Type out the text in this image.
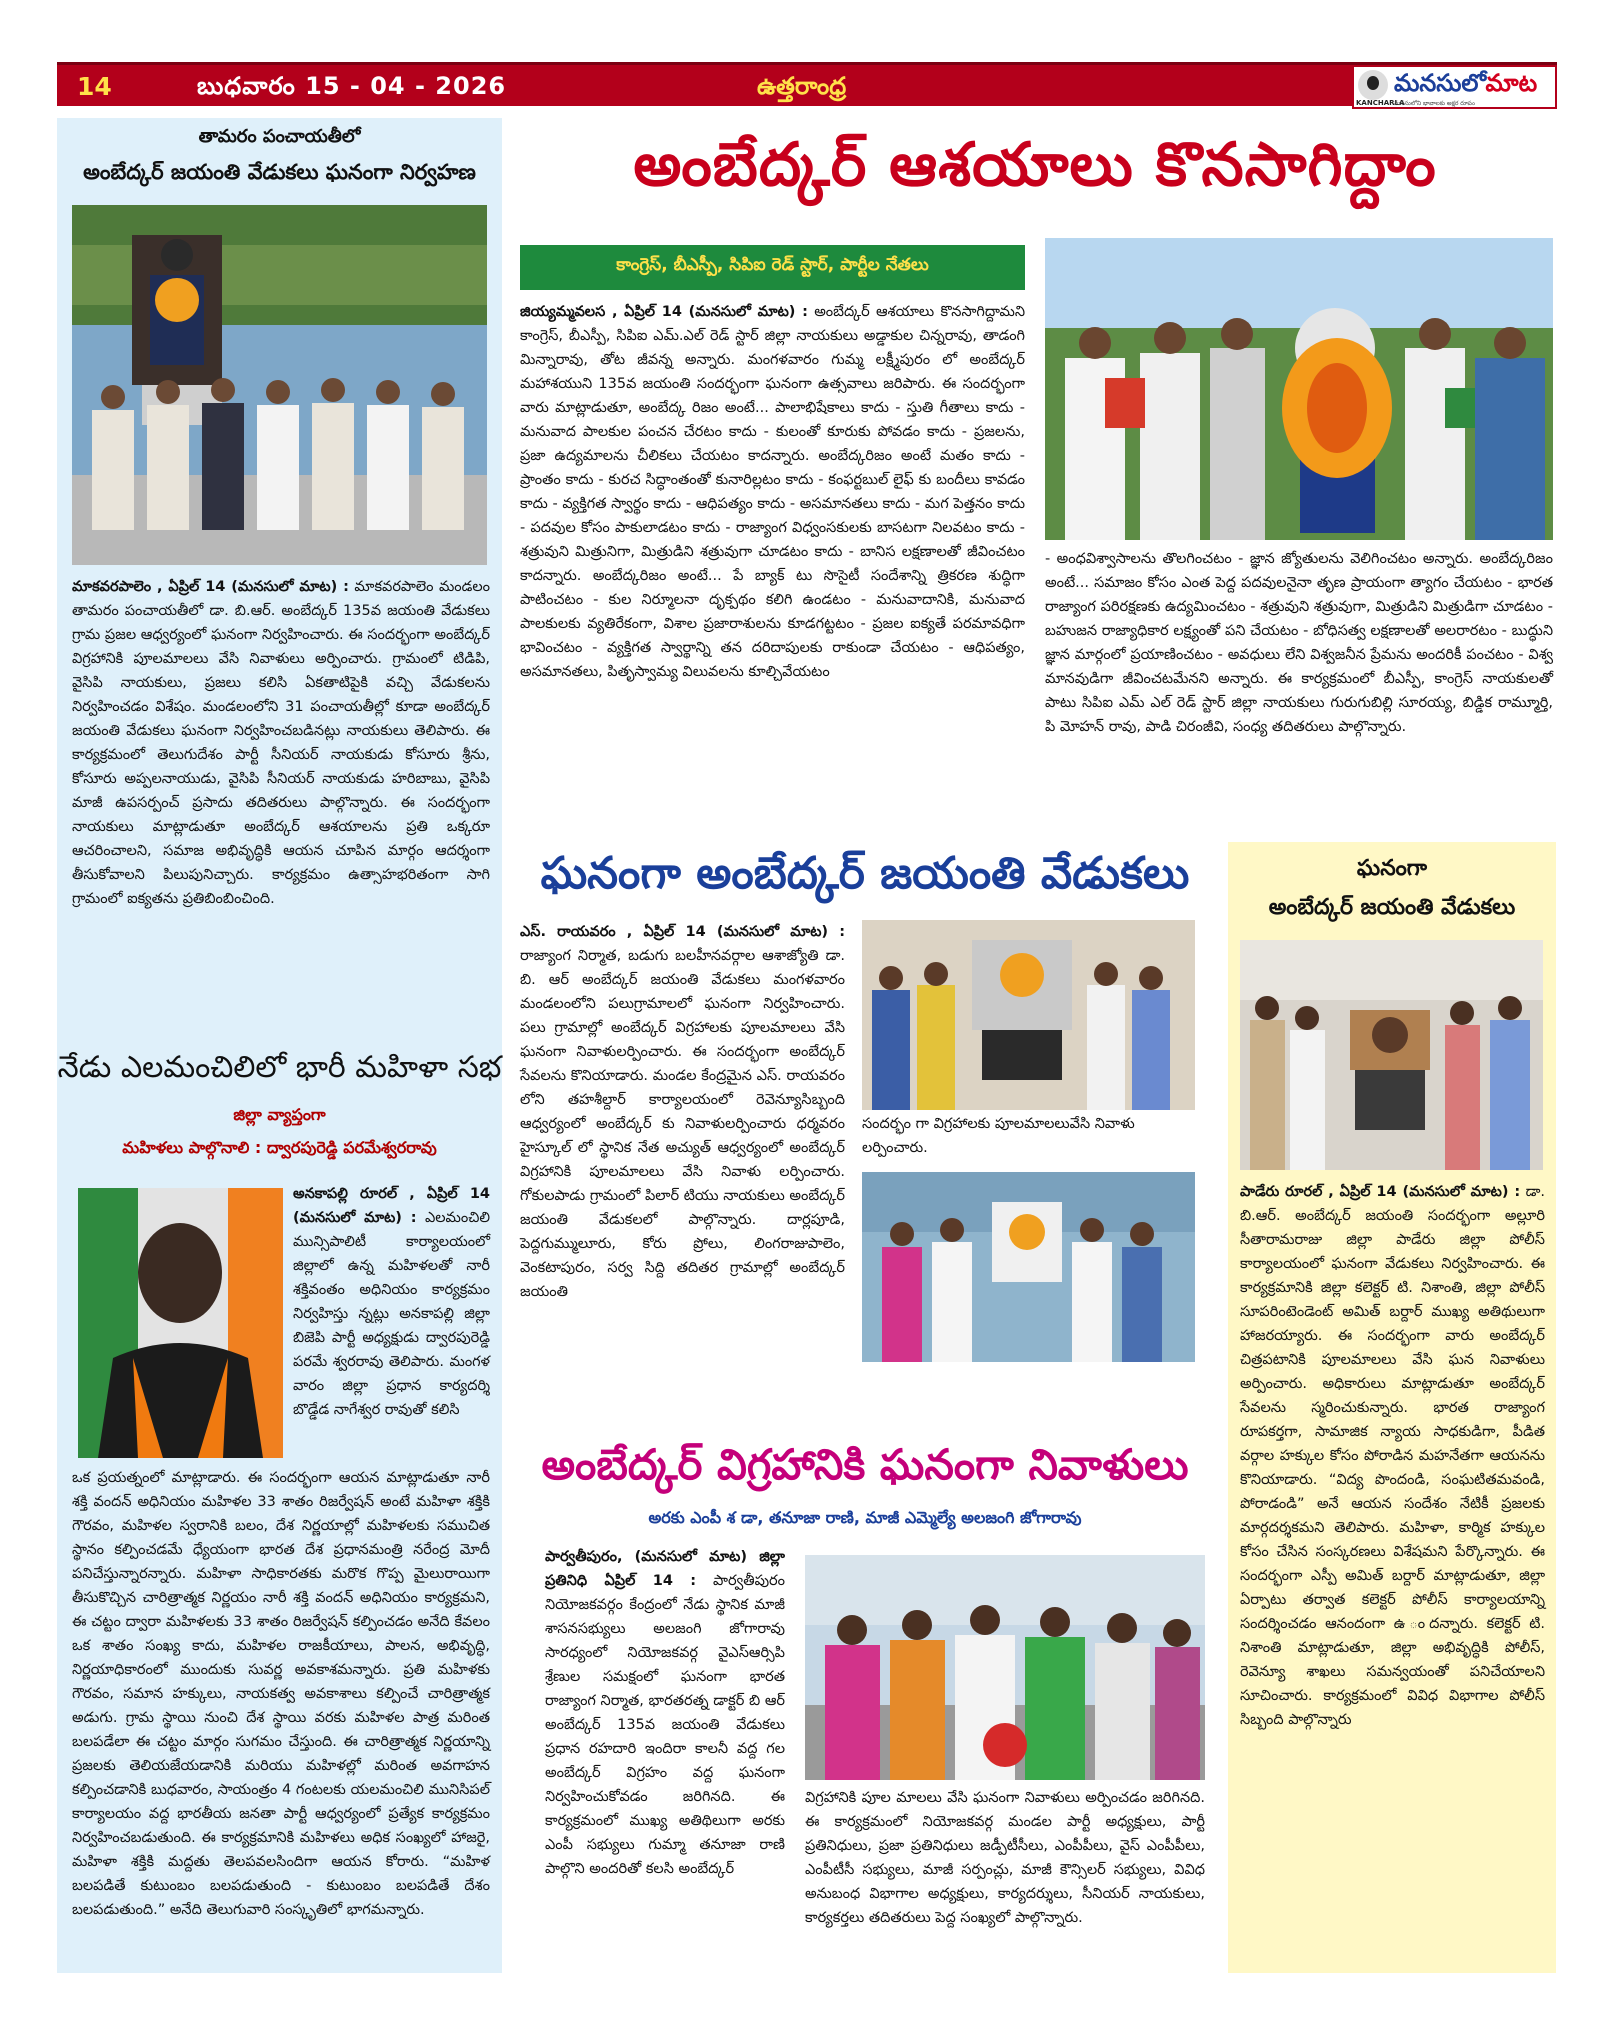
14	బుధవారం 15 - 04 - 2026	ఉత్తరాంధ్ర
KANCHARLA
మనసులోమాట
మనసులోని భావాలకు అక్షర రూపం
తామరం పంచాయతీలో
అంబేద్కర్ జయంతి వేడుకలు ఘనంగా నిర్వహణ
మాకవరపాలెం , ఏప్రిల్ 14 (మనసులో మాట) : మాకవరపాలెం మండలం తామరం పంచాయతీలో డా. బి.ఆర్. అంబేద్కర్ 135వ జయంతి వేడుకలు గ్రామ ప్రజల ఆధ్వర్యంలో ఘనంగా నిర్వహించారు. ఈ సందర్భంగా అంబేద్కర్ విగ్రహానికి పూలమాలలు వేసి నివాళులు అర్పించారు. గ్రామంలో టిడిపి, వైసిపి నాయకులు, ప్రజలు కలిసి ఏకతాటిపైకి వచ్చి వేడుకలను నిర్వహించడం విశేషం. మండలంలోని 31 పంచాయతీల్లో కూడా అంబేద్కర్ జయంతి వేడుకలు ఘనంగా నిర్వహించబడినట్లు నాయకులు తెలిపారు. ఈ కార్యక్రమంలో తెలుగుదేశం పార్టీ సీనియర్ నాయకుడు కోసూరు శ్రీను, కోసూరు అప్పలనాయుడు, వైసిపి సీనియర్ నాయకుడు హరిబాబు, వైసిపి మాజీ ఉపసర్పంచ్ ప్రసాదు తదితరులు పాల్గొన్నారు. ఈ సందర్భంగా నాయకులు మాట్లాడుతూ అంబేద్కర్ ఆశయాలను ప్రతి ఒక్కరూ ఆచరించాలని, సమాజ అభివృద్ధికి ఆయన చూపిన మార్గం ఆదర్శంగా తీసుకోవాలని పిలుపునిచ్చారు. కార్యక్రమం ఉత్సాహభరితంగా సాగి గ్రామంలో ఐక్యతను ప్రతిబింబించింది.
నేడు ఎలమంచిలిలో భారీ మహిళా సభ
జిల్లా వ్యాప్తంగా
మహిళలు పాల్గొనాలి : ద్వారపురెడ్డి పరమేశ్వరరావు
అనకాపల్లి రూరల్ , ఏప్రిల్ 14 (మనసులో మాట) : ఎలమంచిలి మున్సిపాలిటీ కార్యాలయంలో జిల్లాలో ఉన్న మహిళలతో నారీ శక్తివంతం అధినియం కార్యక్రమం నిర్వహిస్తు న్నట్లు అనకాపల్లి జిల్లా బిజెపి పార్టీ అధ్యక్షుడు ద్వారపురెడ్డి పరమే శ్వరరావు తెలిపారు. మంగళ వారం జిల్లా ప్రధాన కార్యదర్శి బొడ్డేడ నాగేశ్వర రావుతో కలిసి
ఒక ప్రయత్నంలో మాట్లాడారు. ఈ సందర్భంగా ఆయన మాట్లాడుతూ నారీ శక్తి వందన్ అధినియం మహిళల 33 శాతం రిజర్వేషన్ అంటే మహిళా శక్తికి గౌరవం, మహిళల స్వరానికి బలం, దేశ నిర్ణయాల్లో మహిళలకు సముచిత స్థానం కల్పించడమే ధ్యేయంగా భారత దేశ ప్రధానమంత్రి నరేంద్ర మోదీ పనిచేస్తున్నారన్నారు. మహిళా సాధికారతకు మరొక గొప్ప మైలురాయిగా తీసుకొచ్చిన చారిత్రాత్మక నిర్ణయం నారీ శక్తి వందన్ అధినియం కార్యక్రమని, ఈ చట్టం ద్వారా మహిళలకు 33 శాతం రిజర్వేషన్ కల్పించడం అనేది కేవలం ఒక శాతం సంఖ్య కాదు, మహిళల రాజకీయాలు, పాలన, అభివృద్ధి, నిర్ణయాధికారంలో ముందుకు సువర్ణ అవకాశమన్నారు. ప్రతి మహిళకు గౌరవం, సమాన హక్కులు, నాయకత్వ అవకాశాలు కల్పించే చారిత్రాత్మక అడుగు. గ్రామ స్థాయి నుంచి దేశ స్థాయి వరకు మహిళల పాత్ర మరింత బలపడేలా ఈ చట్టం మార్గం సుగమం చేస్తుంది. ఈ చారిత్రాత్మక నిర్ణయాన్ని ప్రజలకు తెలియజేయడానికి మరియు మహిళల్లో మరింత అవగాహన కల్పించడానికి బుధవారం, సాయంత్రం 4 గంటలకు యలమంచిలి మునిసిపల్ కార్యాలయం వద్ద భారతీయ జనతా పార్టీ ఆధ్వర్యంలో ప్రత్యేక కార్యక్రమం నిర్వహించబడుతుంది. ఈ కార్యక్రమానికి మహిళలు అధిక సంఖ్యలో హాజరై, మహిళా శక్తికి మద్దతు తెలపవలసిందిగా ఆయన కోరారు. “మహిళ బలపడితే కుటుంబం బలపడుతుంది - కుటుంబం బలపడితే దేశం బలపడుతుంది.” అనేది తెలుగువారి సంస్కృతిలో భాగమన్నారు.
అంబేద్కర్ ఆశయాలు కొనసాగిద్దాం
కాంగ్రెస్, బీఎస్పీ, సిపిఐ రెడ్ స్టార్, పార్టీల నేతలు
జియ్యమ్మవలస , ఏప్రిల్ 14 (మనసులో మాట) : అంబేద్కర్ ఆశయాలు కొనసాగిద్దామని కాంగ్రెస్, బీఎస్పీ, సిపిఐ ఎమ్.ఎల్ రెడ్ స్టార్ జిల్లా నాయకులు అడ్డాకుల చిన్నరావు, తాడంగి మిన్నారావు, తోట జీవన్న అన్నారు. మంగళవారం గుమ్మ లక్ష్మీపురం లో అంబేద్కర్ మహాశయుని 135వ జయంతి సందర్భంగా ఘనంగా ఉత్సవాలు జరిపారు. ఈ సందర్భంగా వారు మాట్లాడుతూ, అంబేద్క రిజం అంటే... పాలాభిషేకాలు కాదు - స్తుతి గీతాలు కాదు - మనువాద పాలకుల పంచన చేరటం కాదు - కులంతో కూరుకు పోవడం కాదు - ప్రజలను, ప్రజా ఉద్యమాలను చీలికలు చేయటం కాదన్నారు. అంబేద్కరిజం అంటే మతం కాదు - ప్రాంతం కాదు - కురచ సిద్ధాంతంతో కునారిల్లటం కాదు - కంఫర్టబుల్ లైఫ్ కు బందీలు కావడం కాదు - వ్యక్తిగత స్వార్థం కాదు - ఆధిపత్యం కాదు - అసమానతలు కాదు - మగ పెత్తనం కాదు - పదవుల కోసం పాకులాడటం కాదు - రాజ్యాంగ విధ్వంసకులకు బాసటగా నిలవటం కాదు - శత్రువుని మిత్రునిగా, మిత్రుడిని శత్రువుగా చూడటం కాదు - బానిస లక్షణాలతో జీవించటం కాదన్నారు. అంబేద్కరిజం అంటే... పే బ్యాక్ టు సొసైటీ సందేశాన్ని త్రికరణ శుద్ధిగా పాటించటం - కుల నిర్మూలనా దృక్పథం కలిగి ఉండటం - మనువాదానికి, మనువాద పాలకులకు వ్యతిరేకంగా, విశాల ప్రజారాశులను కూడగట్టటం - ప్రజల ఐక్యతే పరమావధిగా భావించటం - వ్యక్తిగత స్వార్థాన్ని తన దరిదాపులకు రాకుండా చేయటం - ఆధిపత్యం, అసమానతలు, పితృస్వామ్య విలువలను కూల్చివేయటం
- అంధవిశ్వాసాలను తొలగించటం - జ్ఞాన జ్యోతులను వెలిగించటం అన్నారు. అంబేద్కరిజం అంటే... సమాజం కోసం ఎంత పెద్ద పదవులనైనా తృణ ప్రాయంగా త్యాగం చేయటం - భారత రాజ్యాంగ పరిరక్షణకు ఉద్యమించటం - శత్రువుని శత్రువుగా, మిత్రుడిని మిత్రుడిగా చూడటం - బహుజన రాజ్యాధికార లక్ష్యంతో పని చేయటం - బోధిసత్వ లక్షణాలతో అలరారటం - బుద్ధుని జ్ఞాన మార్గంలో ప్రయాణించటం - అవధులు లేని విశ్వజనీన ప్రేమను అందరికీ పంచటం - విశ్వ మానవుడిగా జీవించటమేనని అన్నారు. ఈ కార్యక్రమంలో బీఎస్పీ, కాంగ్రెస్ నాయకులతో పాటు సిపిఐ ఎమ్ ఎల్ రెడ్ స్టార్ జిల్లా నాయకులు గురుగుబిల్లి సూరయ్య, బిడ్డిక రామ్మూర్తి, పి మోహన్ రావు, పాడి చిరంజీవి, సంధ్య తదితరులు పాల్గొన్నారు.
ఘనంగా అంబేద్కర్ జయంతి వేడుకలు
ఎస్. రాయవరం , ఏప్రిల్ 14 (మనసులో మాట) : రాజ్యాంగ నిర్మాత, బడుగు బలహీనవర్గాల ఆశాజ్యోతి డా. బి. ఆర్ అంబేద్కర్ జయంతి వేడుకలు మంగళవారం మండలంలోని పలుగ్రామాలలో ఘనంగా నిర్వహించారు. పలు గ్రామాల్లో అంబేద్కర్ విగ్రహాలకు పూలమాలలు వేసి ఘనంగా నివాళులర్పించారు. ఈ సందర్భంగా అంబేద్కర్ సేవలను కొనియాడారు. మండల కేంద్రమైన ఎస్. రాయవరం లోని తహశీల్దార్ కార్యాలయంలో రెవెన్యూసిబ్బంది ఆధ్వర్యంలో అంబేద్కర్ కు నివాళులర్పించారు ధర్మవరం హైస్కూల్ లో స్థానిక నేత అచ్యుత్ ఆధ్వర్యంలో అంబేద్కర్ విగ్రహానికి పూలమాలలు వేసి నివాళు లర్పించారు. గోకులపాడు గ్రామంలో పిలార్ టియు నాయకులు అంబేద్కర్ జయంతి వేడుకలలో పాల్గొన్నారు. దార్లపూడి, పెద్దగుమ్ములూరు, కోరు ప్రోలు, లింగరాజుపాలెం, వెంకటాపురం, సర్వ సిద్ది తదితర గ్రామాల్లో అంబేద్కర్ జయంతి
సందర్భం గా విగ్రహాలకు పూలమాలలువేసి నివాళు లర్పించారు.
ఘనంగా
అంబేద్కర్ జయంతి వేడుకలు
పాడేరు రూరల్ , ఏప్రిల్ 14 (మనసులో మాట) : డా. బి.ఆర్. అంబేద్కర్ జయంతి సందర్భంగా అల్లూరి సీతారామరాజు జిల్లా పాడేరు జిల్లా పోలీస్ కార్యాలయంలో ఘనంగా వేడుకలు నిర్వహించారు. ఈ కార్యక్రమానికి జిల్లా కలెక్టర్ టి. నిశాంతి, జిల్లా పోలీస్ సూపరింటెండెంట్ అమిత్ బర్దార్ ముఖ్య అతిథులుగా హాజరయ్యారు. ఈ సందర్భంగా వారు అంబేద్కర్ చిత్రపటానికి పూలమాలలు వేసి ఘన నివాళులు అర్పించారు. అధికారులు మాట్లాడుతూ అంబేద్కర్ సేవలను స్మరించుకున్నారు. భారత రాజ్యాంగ రూపకర్తగా, సామాజిక న్యాయ సాధకుడిగా, పీడిత వర్గాల హక్కుల కోసం పోరాడిన మహనేతగా ఆయనను కొనియాడారు. “విద్య పొందండి, సంఘటితమవండి, పోరాడండి” అనే ఆయన సందేశం నేటికీ ప్రజలకు మార్గదర్శకమని తెలిపారు. మహిళా, కార్మిక హక్కుల కోసం చేసిన సంస్కరణలు విశేషమని పేర్కొన్నారు. ఈ సందర్భంగా ఎస్పీ అమిత్ బర్దార్ మాట్లాడుతూ, జిల్లా ఏర్పాటు తర్వాత కలెక్టర్ పోలీస్ కార్యాలయాన్ని సందర్శించడం ఆనందంగా ఉ ందన్నారు. కలెక్టర్ టి. నిశాంతి మాట్లాడుతూ, జిల్లా అభివృద్ధికి పోలీస్, రెవెన్యూ శాఖలు సమన్వయంతో పనిచేయాలని సూచించారు. కార్యక్రమంలో వివిధ విభాగాల పోలీస్ సిబ్బంది పాల్గొన్నారు
అంబేద్కర్ విగ్రహానికి ఘనంగా నివాళులు
అరకు ఎంపీ శ డా, తనూజా రాణి, మాజీ ఎమ్మెల్యే అలజంగి జోగారావు
పార్వతీపురం, (మనసులో మాట) జిల్లా ప్రతినిధి ఏప్రిల్ 14 : పార్వతీపురం నియోజకవర్గం కేంద్రంలో నేడు స్థానిక మాజీ శాసనసభ్యులు అలజంగి జోగారావు సారధ్యంలో నియోజకవర్గ వైఎస్ఆర్సిపి శ్రేణుల సమక్షంలో ఘనంగా భారత రాజ్యాంగ నిర్మాత, భారతరత్న డాక్టర్ బి ఆర్ అంబేద్కర్ 135వ జయంతి వేడుకలు ప్రధాన రహదారి ఇందిరా కాలనీ వద్ద గల అంబేద్కర్ విగ్రహం వద్ద ఘనంగా నిర్వహించుకోవడం జరిగినది. ఈ కార్యక్రమంలో ముఖ్య అతిథిలుగా అరకు ఎంపీ సభ్యులు గుమ్మా తనూజా రాణి పాల్గొని అందరితో కలసి అంబేద్కర్
విగ్రహానికి పూల మాలలు వేసి ఘనంగా నివాళులు అర్పించడం జరిగినది. ఈ కార్యక్రమంలో నియోజకవర్గ మండల పార్టీ అధ్యక్షులు, పార్టీ ప్రతినిధులు, ప్రజా ప్రతినిధులు జడ్పీటీసీలు, ఎంపీపీలు, వైస్ ఎంపీపీలు, ఎంపీటీసీ సభ్యులు, మాజీ సర్పంచ్లు, మాజీ కౌన్సిలర్ సభ్యులు, వివిధ అనుబంధ విభాగాల అధ్యక్షులు, కార్యదర్శులు, సీనియర్ నాయకులు, కార్యకర్తలు తదితరులు పెద్ద సంఖ్యలో పాల్గొన్నారు.
